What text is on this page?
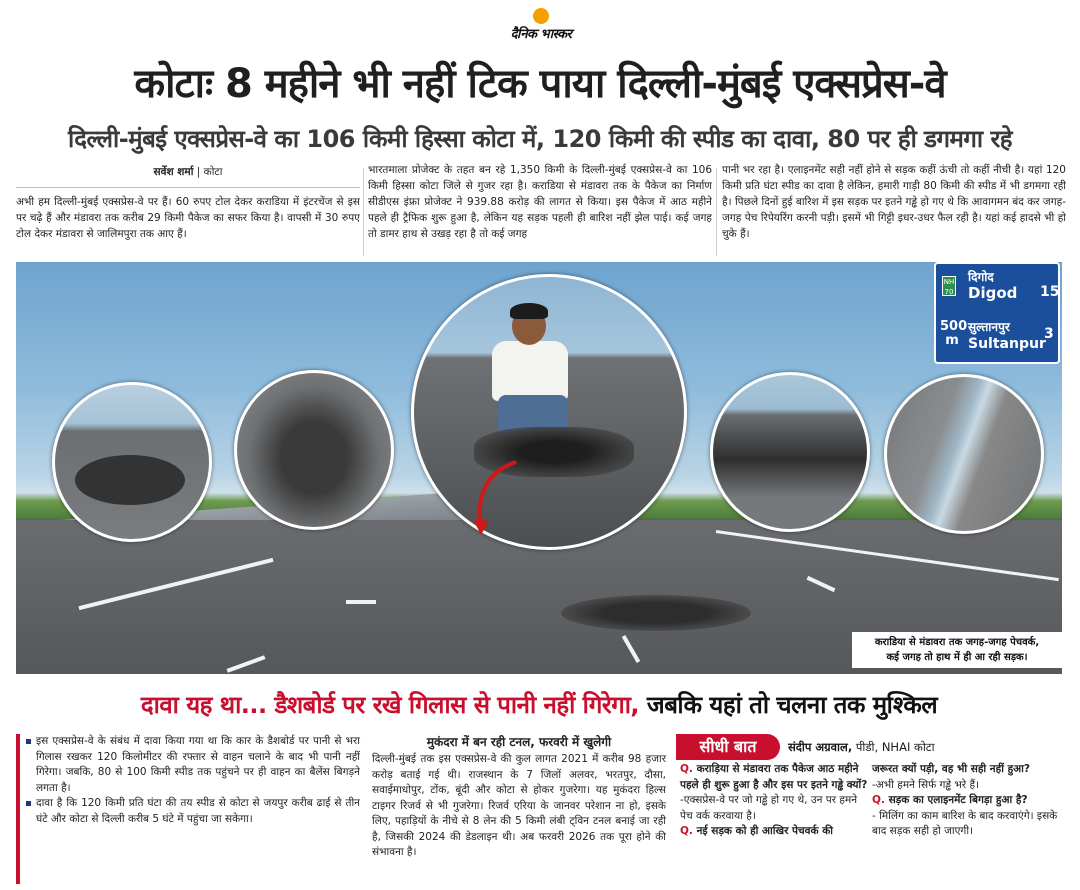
दैनिक भास्कर
कोटाः 8 महीने भी नहीं टिक पाया दिल्ली-मुंबई एक्सप्रेस-वे
दिल्ली-मुंबई एक्सप्रेस-वे का 106 किमी हिस्सा कोटा में, 120 किमी की स्पीड का दावा, 80 पर ही डगमगा रहे
सर्वेश शर्मा | कोटा
अभी हम दिल्ली-मुंबई एक्सप्रेस-वे पर हैं। 60 रुपए टोल देकर कराडिया में इंटरचेंज से इस पर चढ़े हैं और मंडावरा तक करीब 29 किमी पैकेज का सफर किया है। वापसी में 30 रुपए टोल देकर मंडावरा से जालिमपुरा तक आए हैं।
भारतमाला प्रोजेक्ट के तहत बन रहे 1,350 किमी के दिल्ली-मुंबई एक्सप्रेस-वे का 106 किमी हिस्सा कोटा जिले से गुजर रहा है। कराडिया से मंडावरा तक के पैकेज का निर्माण सीडीएस इंफ्रा प्रोजेक्ट ने 939.88 करोड़ की लागत से किया। इस पैकेज में आठ महीने पहले ही ट्रैफिक शुरू हुआ है, लेकिन यह सड़क पहली ही बारिश नहीं झेल पाई। कई जगह तो डामर हाथ से उखड़ रहा है तो कई जगह
पानी भर रहा है। एलाइनमेंट सही नहीं होने से सड़क कहीं ऊंची तो कहीं नीची है। यहां 120 किमी प्रति घंटा स्पीड का दावा है लेकिन, हमारी गाड़ी 80 किमी की स्पीड में भी डगमगा रही है। पिछले दिनों हुई बारिश में इस सड़क पर इतने गड्ढे हो गए थे कि आवागमन बंद कर जगह-जगह पेच रिपेयरिंग करनी पड़ी। इसमें भी गिट्टी इधर-उधर फैल रही है। यहां कई हादसे भी हो चुके हैं।
दिगोद
NH 70 Digod 15
500 m
सुल्तानपुर
Sultanpur
3
कराडिया से मंडावरा तक जगह-जगह पेचवर्क,
कई जगह तो हाथ में ही आ रही सड़क।
दावा यह था... डैशबोर्ड पर रखे गिलास से पानी नहीं गिरेगा, जबकि यहां तो चलना तक मुश्किल
इस एक्सप्रेस-वे के संबंध में दावा किया गया था कि कार के डैशबोर्ड पर पानी से भरा गिलास रखकर 120 किलोमीटर की रफ्तार से वाहन चलाने के बाद भी पानी नहीं गिरेगा। जबकि, 80 से 100 किमी स्पीड तक पहुंचने पर ही वाहन का बैलेंस बिगड़ने लगता है।
दावा है कि 120 किमी प्रति घंटा की तय स्पीड से कोटा से जयपुर करीब ढाई से तीन घंटे और कोटा से दिल्ली करीब 5 घंटे में पहुंचा जा सकेगा।
मुकंदरा में बन रही टनल, फरवरी में खुलेगी
दिल्ली-मुंबई तक इस एक्सप्रेस-वे की कुल लागत 2021 में करीब 98 हजार करोड़ बताई गई थी। राजस्थान के 7 जिलों अलवर, भरतपुर, दौसा, सवाईमाधोपुर, टोंक, बूंदी और कोटा से होकर गुजरेगा। यह मुकंदरा हिल्स टाइगर रिजर्व से भी गुजरेगा। रिजर्व एरिया के जानवर परेशान ना हो, इसके लिए, पहाड़ियों के नीचे से 8 लेन की 5 किमी लंबी ट्विन टनल बनाई जा रही है, जिसकी 2024 की डेडलाइन थी। अब फरवरी 2026 तक पूरा होने की संभावना है।
सीधी बात	संदीप अग्रवाल, पीडी, NHAI कोटा
Q. कराड़िया से मंडावरा तक पैकेज आठ महीने पहले ही शुरू हुआ है और इस पर इतने गड्ढे क्यों?
-एक्सप्रेस-वे पर जो गड्ढे हो गए थे, उन पर हमने पेच वर्क करवाया है।
Q. नई सड़क को ही आखिर पेचवर्क की
जरूरत क्यों पड़ी, वह भी सही नहीं हुआ?
-अभी हमने सिर्फ गड्ढे भरे हैं।
Q. सड़क का एलाइनमेंट बिगड़ा हुआ है?
- मिलिंग का काम बारिश के बाद करवाएंगे। इसके बाद सड़क सही हो जाएगी।
